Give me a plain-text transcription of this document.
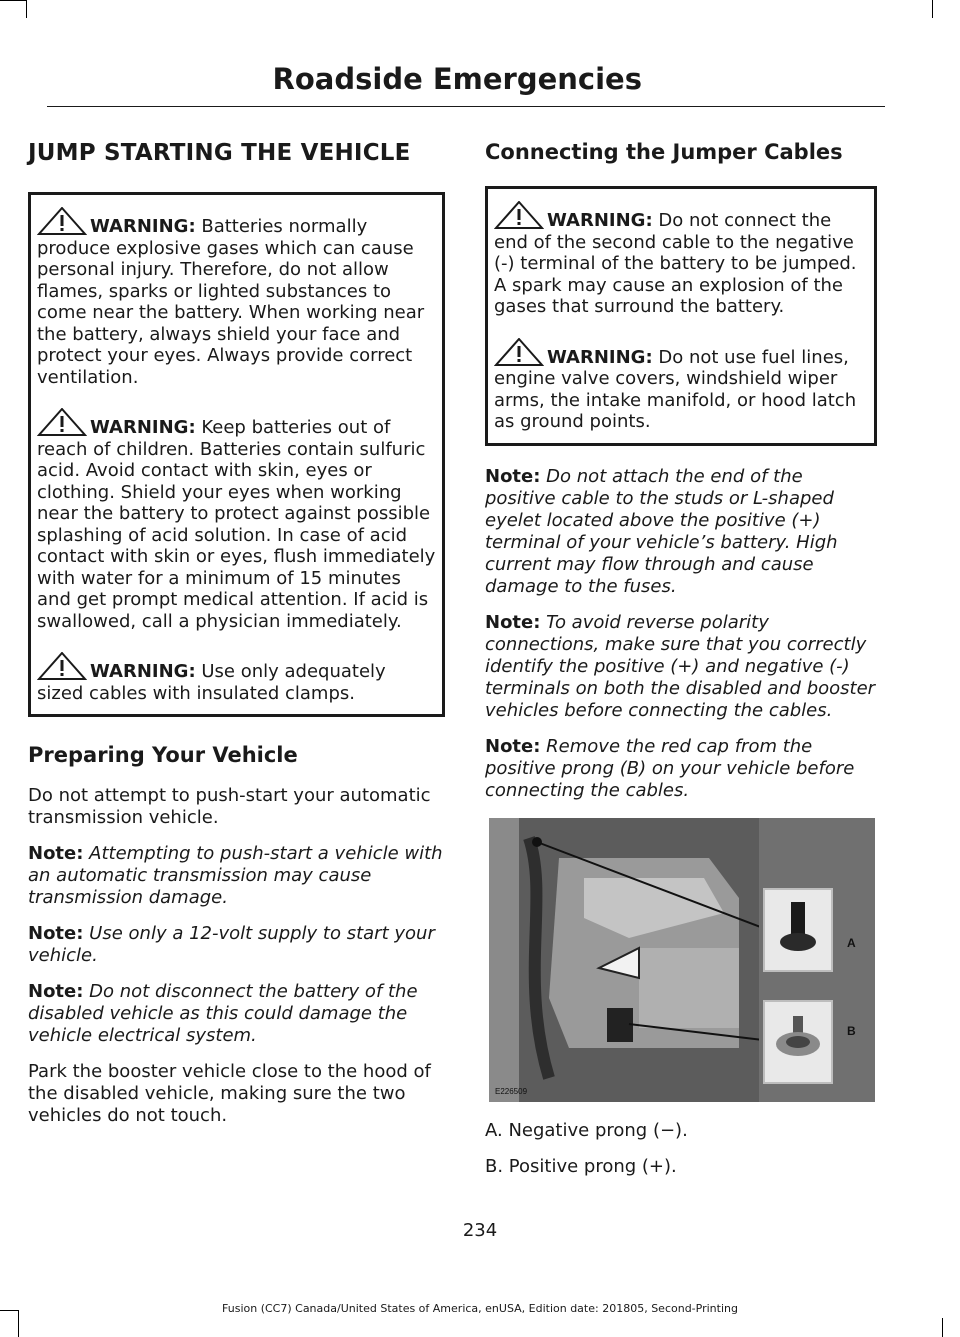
Roadside Emergencies
JUMP STARTING THE VEHICLE
WARNING: Batteries normally produce explosive gases which can cause personal injury. Therefore, do not allow flames, sparks or lighted substances to come near the battery. When working near the battery, always shield your face and protect your eyes. Always provide correct ventilation.
WARNING: Keep batteries out of reach of children. Batteries contain sulfuric acid. Avoid contact with skin, eyes or clothing. Shield your eyes when working near the battery to protect against possible splashing of acid solution. In case of acid contact with skin or eyes, flush immediately with water for a minimum of 15 minutes and get prompt medical attention. If acid is swallowed, call a physician immediately.
WARNING: Use only adequately sized cables with insulated clamps.
Preparing Your Vehicle

Do not attempt to push-start your automatic transmission vehicle.

Note: Attempting to push-start a vehicle with an automatic transmission may cause transmission damage.

Note: Use only a 12-volt supply to start your vehicle.

Note: Do not disconnect the battery of the disabled vehicle as this could damage the vehicle electrical system.

Park the booster vehicle close to the hood of the disabled vehicle, making sure the two vehicles do not touch.

Connecting the Jumper Cables
WARNING: Do not connect the end of the second cable to the negative (-) terminal of the battery to be jumped. A spark may cause an explosion of the gases that surround the battery.
WARNING: Do not use fuel lines, engine valve covers, windshield wiper arms, the intake manifold, or hood latch as ground points.

Note: Do not attach the end of the positive cable to the studs or L-shaped eyelet located above the positive (+) terminal of your vehicle’s battery. High current may flow through and cause damage to the fuses.

Note: To avoid reverse polarity connections, make sure that you correctly identify the positive (+) and negative (-) terminals on both the disabled and booster vehicles before connecting the cables.

Note: Remove the red cap from the positive prong (B) on your vehicle before connecting the cables.

A
B
E226509

A. Negative prong (−).

B. Positive prong (+).

234
Fusion (CC7) Canada/United States of America, enUSA, Edition date: 201805, Second-Printing
